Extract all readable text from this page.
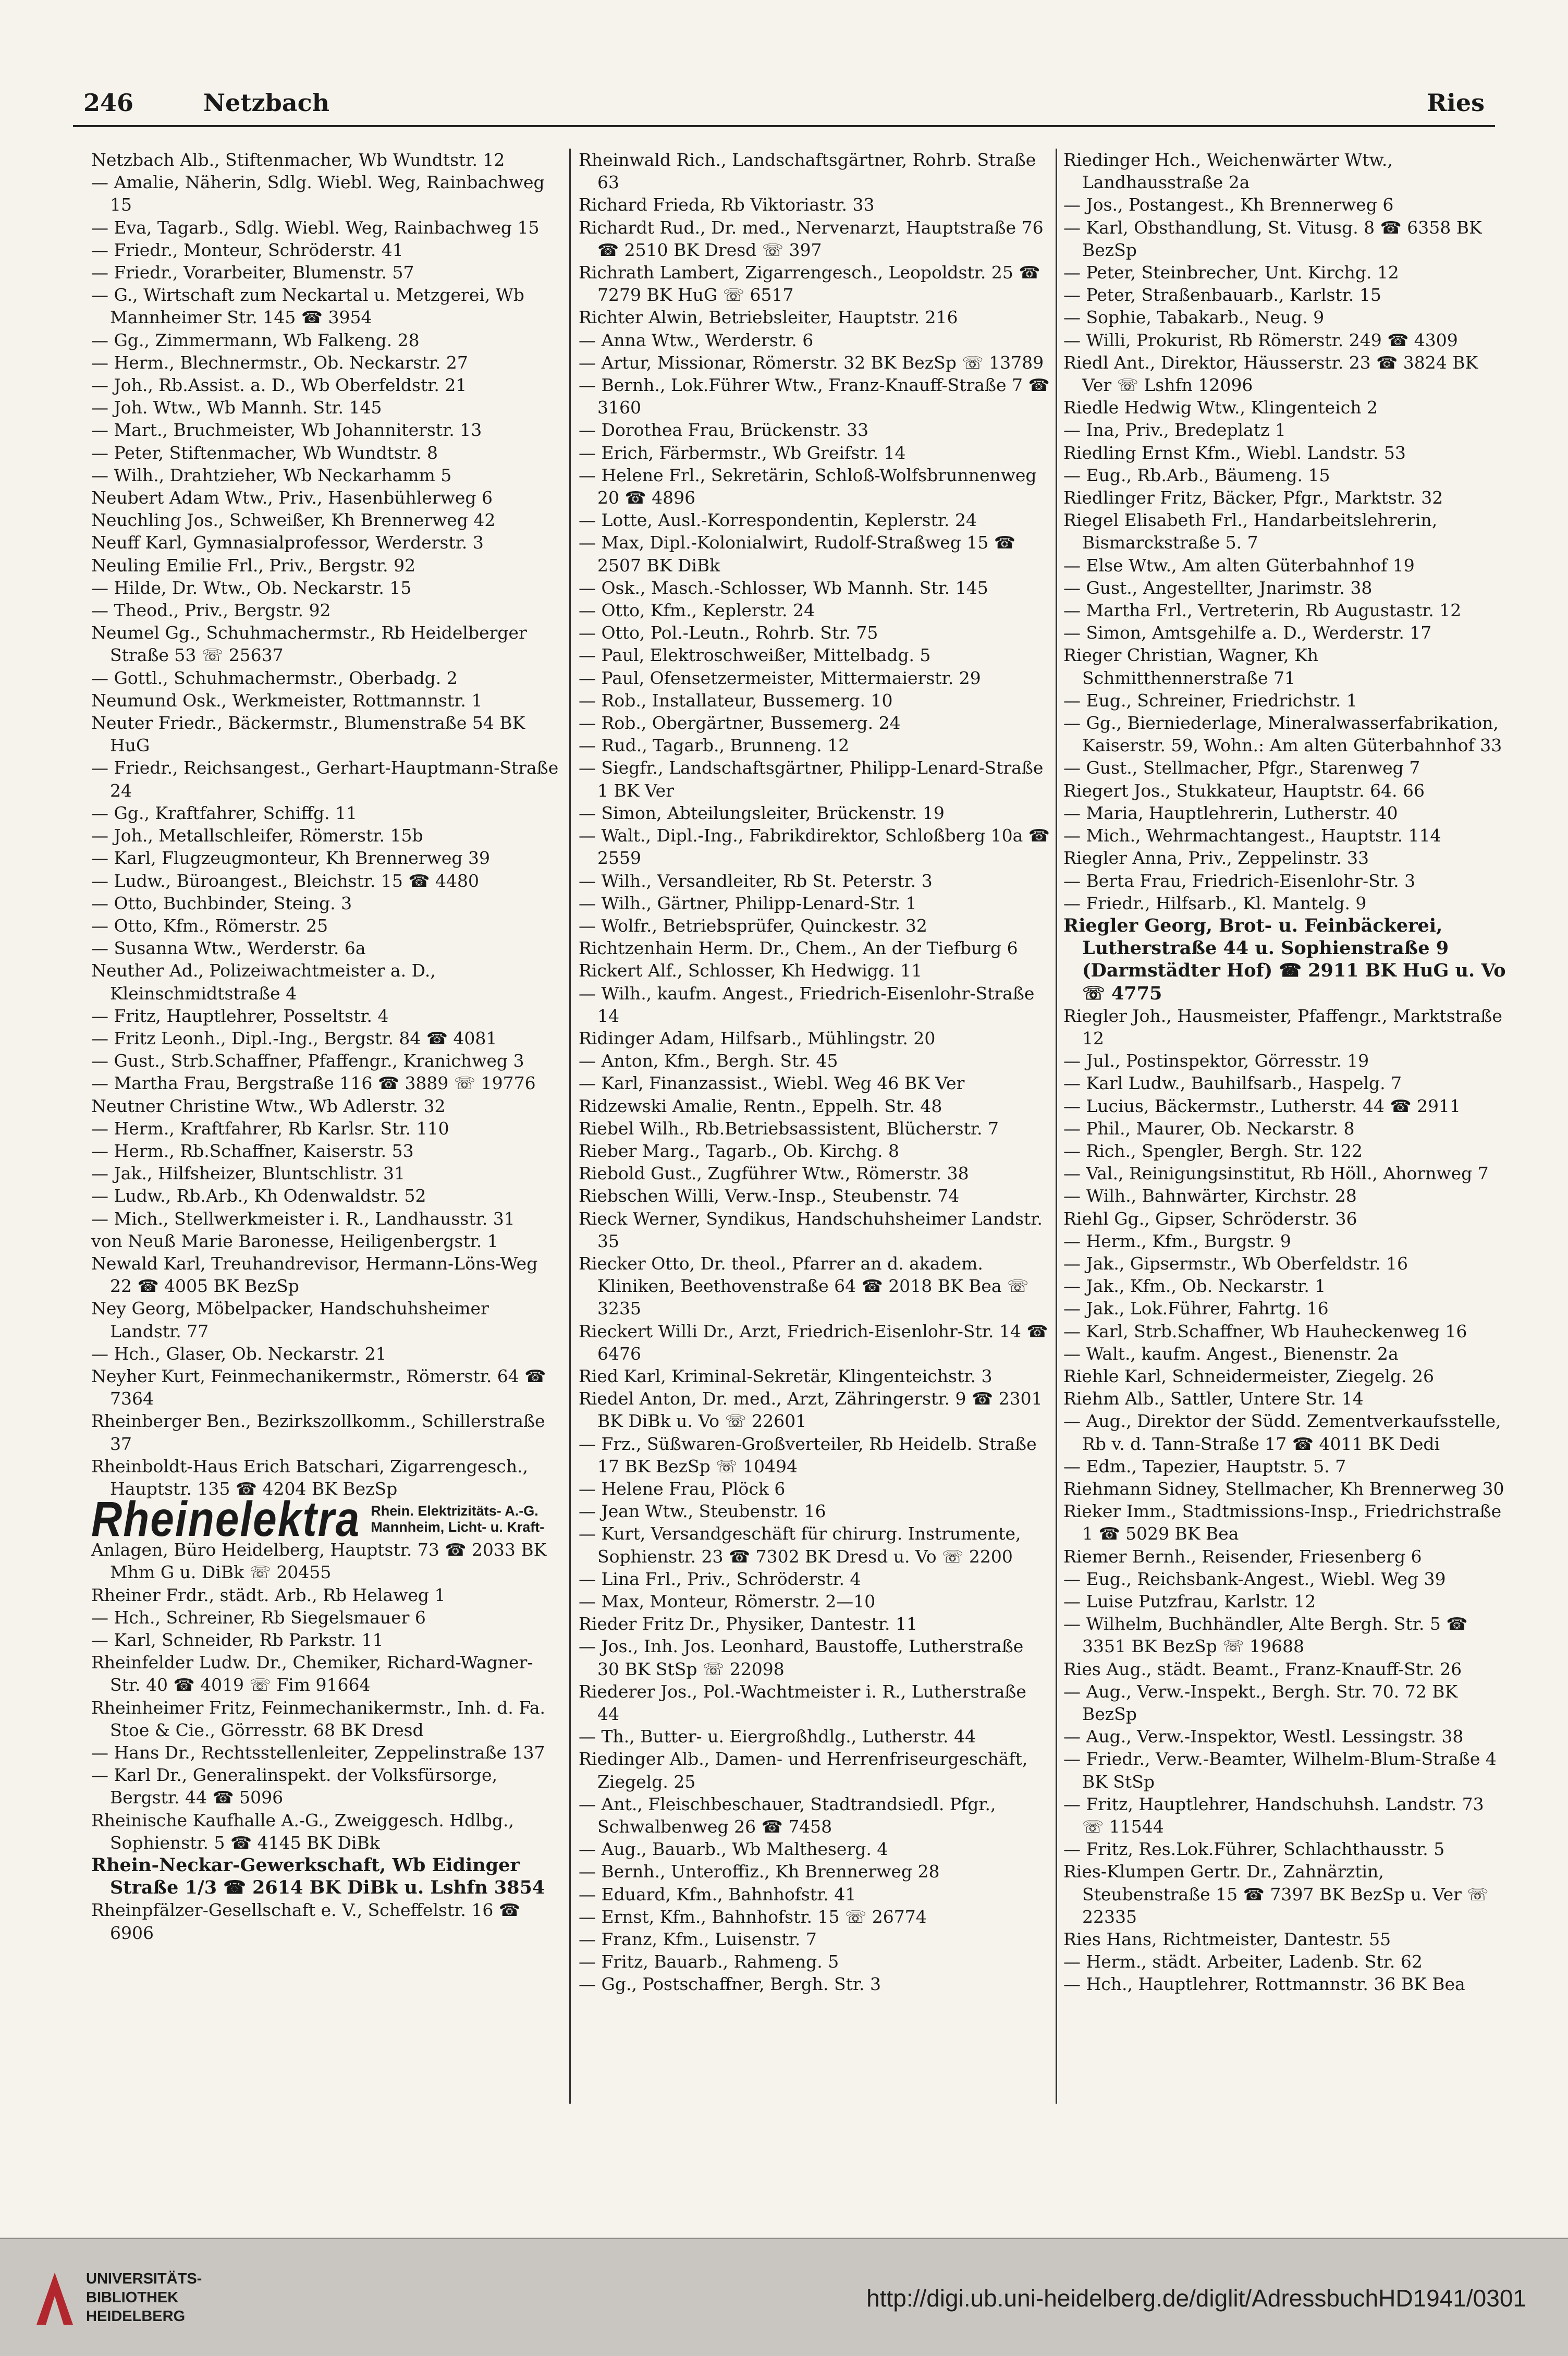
246	Netzbach	Ries
Netzbach Alb., Stiftenmacher, Wb Wundtstr. 12
— Amalie, Näherin, Sdlg. Wiebl. Weg, Rainbachweg 15
— Eva, Tagarb., Sdlg. Wiebl. Weg, Rainbachweg 15
— Friedr., Monteur, Schröderstr. 41
— Friedr., Vorarbeiter, Blumenstr. 57
— G., Wirtschaft zum Neckartal u. Metzgerei, Wb Mannheimer Str. 145 ☎ 3954
— Gg., Zimmermann, Wb Falkeng. 28
— Herm., Blechnermstr., Ob. Neckarstr. 27
— Joh., Rb.Assist. a. D., Wb Oberfeldstr. 21
— Joh. Wtw., Wb Mannh. Str. 145
— Mart., Bruchmeister, Wb Johanniterstr. 13
— Peter, Stiftenmacher, Wb Wundtstr. 8
— Wilh., Drahtzieher, Wb Neckarhamm 5
Neubert Adam Wtw., Priv., Hasenbühlerweg 6
Neuchling Jos., Schweißer, Kh Brennerweg 42
Neuff Karl, Gymnasialprofessor, Werderstr. 3
Neuling Emilie Frl., Priv., Bergstr. 92
— Hilde, Dr. Wtw., Ob. Neckarstr. 15
— Theod., Priv., Bergstr. 92
Neumel Gg., Schuhmachermstr., Rb Heidelberger Straße 53 ☏ 25637
— Gottl., Schuhmachermstr., Oberbadg. 2
Neumund Osk., Werkmeister, Rottmannstr. 1
Neuter Friedr., Bäckermstr., Blumenstraße 54 BK HuG
— Friedr., Reichsangest., Gerhart-Hauptmann-Straße 24
— Gg., Kraftfahrer, Schiffg. 11
— Joh., Metallschleifer, Römerstr. 15b
— Karl, Flugzeugmonteur, Kh Brennerweg 39
— Ludw., Büroangest., Bleichstr. 15 ☎ 4480
— Otto, Buchbinder, Steing. 3
— Otto, Kfm., Römerstr. 25
— Susanna Wtw., Werderstr. 6a
Neuther Ad., Polizeiwachtmeister a. D., Kleinschmidtstraße 4
— Fritz, Hauptlehrer, Posseltstr. 4
— Fritz Leonh., Dipl.-Ing., Bergstr. 84 ☎ 4081
— Gust., Strb.Schaffner, Pfaffengr., Kranichweg 3
— Martha Frau, Bergstraße 116 ☎ 3889 ☏ 19776
Neutner Christine Wtw., Wb Adlerstr. 32
— Herm., Kraftfahrer, Rb Karlsr. Str. 110
— Herm., Rb.Schaffner, Kaiserstr. 53
— Jak., Hilfsheizer, Bluntschlistr. 31
— Ludw., Rb.Arb., Kh Odenwaldstr. 52
— Mich., Stellwerkmeister i. R., Landhausstr. 31
von Neuß Marie Baronesse, Heiligenbergstr. 1
Newald Karl, Treuhandrevisor, Hermann-Löns-Weg 22 ☎ 4005 BK BezSp
Ney Georg, Möbelpacker, Handschuhsheimer Landstr. 77
— Hch., Glaser, Ob. Neckarstr. 21
Neyher Kurt, Feinmechanikermstr., Römerstr. 64 ☎ 7364
Rheinberger Ben., Bezirkszollkomm., Schillerstraße 37
Rheinboldt-Haus Erich Batschari, Zigarrengesch., Hauptstr. 135 ☎ 4204 BK BezSp
Rheinelektra Rhein. Elektrizitäts- A.-G.
Mannheim, Licht- u. Kraft-
Anlagen, Büro Heidelberg, Hauptstr. 73 ☎ 2033 BK Mhm G u. DiBk ☏ 20455
Rheiner Frdr., städt. Arb., Rb Helaweg 1
— Hch., Schreiner, Rb Siegelsmauer 6
— Karl, Schneider, Rb Parkstr. 11
Rheinfelder Ludw. Dr., Chemiker, Richard-Wagner-Str. 40 ☎ 4019 ☏ Fim 91664
Rheinheimer Fritz, Feinmechanikermstr., Inh. d. Fa. Stoe & Cie., Görresstr. 68 BK Dresd
— Hans Dr., Rechtsstellenleiter, Zeppelinstraße 137
— Karl Dr., Generalinspekt. der Volksfürsorge, Bergstr. 44 ☎ 5096
Rheinische Kaufhalle A.-G., Zweiggesch. Hdlbg., Sophienstr. 5 ☎ 4145 BK DiBk
Rhein-Neckar-Gewerkschaft, Wb Eidinger Straße 1/3 ☎ 2614 BK DiBk u. Lshfn 3854
Rheinpfälzer-Gesellschaft e. V., Scheffelstr. 16 ☎ 6906
Rheinwald Rich., Landschaftsgärtner, Rohrb. Straße 63
Richard Frieda, Rb Viktoriastr. 33
Richardt Rud., Dr. med., Nervenarzt, Hauptstraße 76 ☎ 2510 BK Dresd ☏ 397
Richrath Lambert, Zigarrengesch., Leopoldstr. 25 ☎ 7279 BK HuG ☏ 6517
Richter Alwin, Betriebsleiter, Hauptstr. 216
— Anna Wtw., Werderstr. 6
— Artur, Missionar, Römerstr. 32 BK BezSp ☏ 13789
— Bernh., Lok.Führer Wtw., Franz-Knauff-Straße 7 ☎ 3160
— Dorothea Frau, Brückenstr. 33
— Erich, Färbermstr., Wb Greifstr. 14
— Helene Frl., Sekretärin, Schloß-Wolfsbrunnenweg 20 ☎ 4896
— Lotte, Ausl.-Korrespondentin, Keplerstr. 24
— Max, Dipl.-Kolonialwirt, Rudolf-Straßweg 15 ☎ 2507 BK DiBk
— Osk., Masch.-Schlosser, Wb Mannh. Str. 145
— Otto, Kfm., Keplerstr. 24
— Otto, Pol.-Leutn., Rohrb. Str. 75
— Paul, Elektroschweißer, Mittelbadg. 5
— Paul, Ofensetzermeister, Mittermaierstr. 29
— Rob., Installateur, Bussemerg. 10
— Rob., Obergärtner, Bussemerg. 24
— Rud., Tagarb., Brunneng. 12
— Siegfr., Landschaftsgärtner, Philipp-Lenard-Straße 1 BK Ver
— Simon, Abteilungsleiter, Brückenstr. 19
— Walt., Dipl.-Ing., Fabrikdirektor, Schloßberg 10a ☎ 2559
— Wilh., Versandleiter, Rb St. Peterstr. 3
— Wilh., Gärtner, Philipp-Lenard-Str. 1
— Wolfr., Betriebsprüfer, Quinckestr. 32
Richtzenhain Herm. Dr., Chem., An der Tiefburg 6
Rickert Alf., Schlosser, Kh Hedwigg. 11
— Wilh., kaufm. Angest., Friedrich-Eisenlohr-Straße 14
Ridinger Adam, Hilfsarb., Mühlingstr. 20
— Anton, Kfm., Bergh. Str. 45
— Karl, Finanzassist., Wiebl. Weg 46 BK Ver
Ridzewski Amalie, Rentn., Eppelh. Str. 48
Riebel Wilh., Rb.Betriebsassistent, Blücherstr. 7
Rieber Marg., Tagarb., Ob. Kirchg. 8
Riebold Gust., Zugführer Wtw., Römerstr. 38
Riebschen Willi, Verw.-Insp., Steubenstr. 74
Rieck Werner, Syndikus, Handschuhsheimer Landstr. 35
Riecker Otto, Dr. theol., Pfarrer an d. akadem. Kliniken, Beethovenstraße 64 ☎ 2018 BK Bea ☏ 3235
Rieckert Willi Dr., Arzt, Friedrich-Eisenlohr-Str. 14 ☎ 6476
Ried Karl, Kriminal-Sekretär, Klingenteichstr. 3
Riedel Anton, Dr. med., Arzt, Zähringerstr. 9 ☎ 2301 BK DiBk u. Vo ☏ 22601
— Frz., Süßwaren-Großverteiler, Rb Heidelb. Straße 17 BK BezSp ☏ 10494
— Helene Frau, Plöck 6
— Jean Wtw., Steubenstr. 16
— Kurt, Versandgeschäft für chirurg. Instrumente, Sophienstr. 23 ☎ 7302 BK Dresd u. Vo ☏ 2200
— Lina Frl., Priv., Schröderstr. 4
— Max, Monteur, Römerstr. 2—10
Rieder Fritz Dr., Physiker, Dantestr. 11
— Jos., Inh. Jos. Leonhard, Baustoffe, Lutherstraße 30 BK StSp ☏ 22098
Riederer Jos., Pol.-Wachtmeister i. R., Lutherstraße 44
— Th., Butter- u. Eiergroßhdlg., Lutherstr. 44
Riedinger Alb., Damen- und Herrenfriseurgeschäft, Ziegelg. 25
— Ant., Fleischbeschauer, Stadtrandsiedl. Pfgr., Schwalbenweg 26 ☎ 7458
— Aug., Bauarb., Wb Maltheserg. 4
— Bernh., Unteroffiz., Kh Brennerweg 28
— Eduard, Kfm., Bahnhofstr. 41
— Ernst, Kfm., Bahnhofstr. 15 ☏ 26774
— Franz, Kfm., Luisenstr. 7
— Fritz, Bauarb., Rahmeng. 5
— Gg., Postschaffner, Bergh. Str. 3
Riedinger Hch., Weichenwärter Wtw., Landhausstraße 2a
— Jos., Postangest., Kh Brennerweg 6
— Karl, Obsthandlung, St. Vitusg. 8 ☎ 6358 BK BezSp
— Peter, Steinbrecher, Unt. Kirchg. 12
— Peter, Straßenbauarb., Karlstr. 15
— Sophie, Tabakarb., Neug. 9
— Willi, Prokurist, Rb Römerstr. 249 ☎ 4309
Riedl Ant., Direktor, Häusserstr. 23 ☎ 3824 BK Ver ☏ Lshfn 12096
Riedle Hedwig Wtw., Klingenteich 2
— Ina, Priv., Bredeplatz 1
Riedling Ernst Kfm., Wiebl. Landstr. 53
— Eug., Rb.Arb., Bäumeng. 15
Riedlinger Fritz, Bäcker, Pfgr., Marktstr. 32
Riegel Elisabeth Frl., Handarbeitslehrerin, Bismarckstraße 5. 7
— Else Wtw., Am alten Güterbahnhof 19
— Gust., Angestellter, Jnarimstr. 38
— Martha Frl., Vertreterin, Rb Augustastr. 12
— Simon, Amtsgehilfe a. D., Werderstr. 17
Rieger Christian, Wagner, Kh Schmitthennerstraße 71
— Eug., Schreiner, Friedrichstr. 1
— Gg., Bierniederlage, Mineralwasserfabrikation, Kaiserstr. 59, Wohn.: Am alten Güterbahnhof 33
— Gust., Stellmacher, Pfgr., Starenweg 7
Riegert Jos., Stukkateur, Hauptstr. 64. 66
— Maria, Hauptlehrerin, Lutherstr. 40
— Mich., Wehrmachtangest., Hauptstr. 114
Riegler Anna, Priv., Zeppelinstr. 33
— Berta Frau, Friedrich-Eisenlohr-Str. 3
— Friedr., Hilfsarb., Kl. Mantelg. 9
Riegler Georg, Brot- u. Feinbäckerei, Lutherstraße 44 u. Sophienstraße 9 (Darmstädter Hof) ☎ 2911 BK HuG u. Vo ☏ 4775
Riegler Joh., Hausmeister, Pfaffengr., Marktstraße 12
— Jul., Postinspektor, Görresstr. 19
— Karl Ludw., Bauhilfsarb., Haspelg. 7
— Lucius, Bäckermstr., Lutherstr. 44 ☎ 2911
— Phil., Maurer, Ob. Neckarstr. 8
— Rich., Spengler, Bergh. Str. 122
— Val., Reinigungsinstitut, Rb Höll., Ahornweg 7
— Wilh., Bahnwärter, Kirchstr. 28
Riehl Gg., Gipser, Schröderstr. 36
— Herm., Kfm., Burgstr. 9
— Jak., Gipsermstr., Wb Oberfeldstr. 16
— Jak., Kfm., Ob. Neckarstr. 1
— Jak., Lok.Führer, Fahrtg. 16
— Karl, Strb.Schaffner, Wb Hauheckenweg 16
— Walt., kaufm. Angest., Bienenstr. 2a
Riehle Karl, Schneidermeister, Ziegelg. 26
Riehm Alb., Sattler, Untere Str. 14
— Aug., Direktor der Südd. Zementverkaufsstelle, Rb v. d. Tann-Straße 17 ☎ 4011 BK Dedi
— Edm., Tapezier, Hauptstr. 5. 7
Riehmann Sidney, Stellmacher, Kh Brennerweg 30
Rieker Imm., Stadtmissions-Insp., Friedrichstraße 1 ☎ 5029 BK Bea
Riemer Bernh., Reisender, Friesenberg 6
— Eug., Reichsbank-Angest., Wiebl. Weg 39
— Luise Putzfrau, Karlstr. 12
— Wilhelm, Buchhändler, Alte Bergh. Str. 5 ☎ 3351 BK BezSp ☏ 19688
Ries Aug., städt. Beamt., Franz-Knauff-Str. 26
— Aug., Verw.-Inspekt., Bergh. Str. 70. 72 BK BezSp
— Aug., Verw.-Inspektor, Westl. Lessingstr. 38
— Friedr., Verw.-Beamter, Wilhelm-Blum-Straße 4 BK StSp
— Fritz, Hauptlehrer, Handschuhsh. Landstr. 73 ☏ 11544
— Fritz, Res.Lok.Führer, Schlachthausstr. 5
Ries-Klumpen Gertr. Dr., Zahnärztin, Steubenstraße 15 ☎ 7397 BK BezSp u. Ver ☏ 22335
Ries Hans, Richtmeister, Dantestr. 55
— Herm., städt. Arbeiter, Ladenb. Str. 62
— Hch., Hauptlehrer, Rottmannstr. 36 BK Bea
UNIVERSITÄTS-
BIBLIOTHEK
HEIDELBERG
http://digi.ub.uni-heidelberg.de/diglit/AdressbuchHD1941/0301
